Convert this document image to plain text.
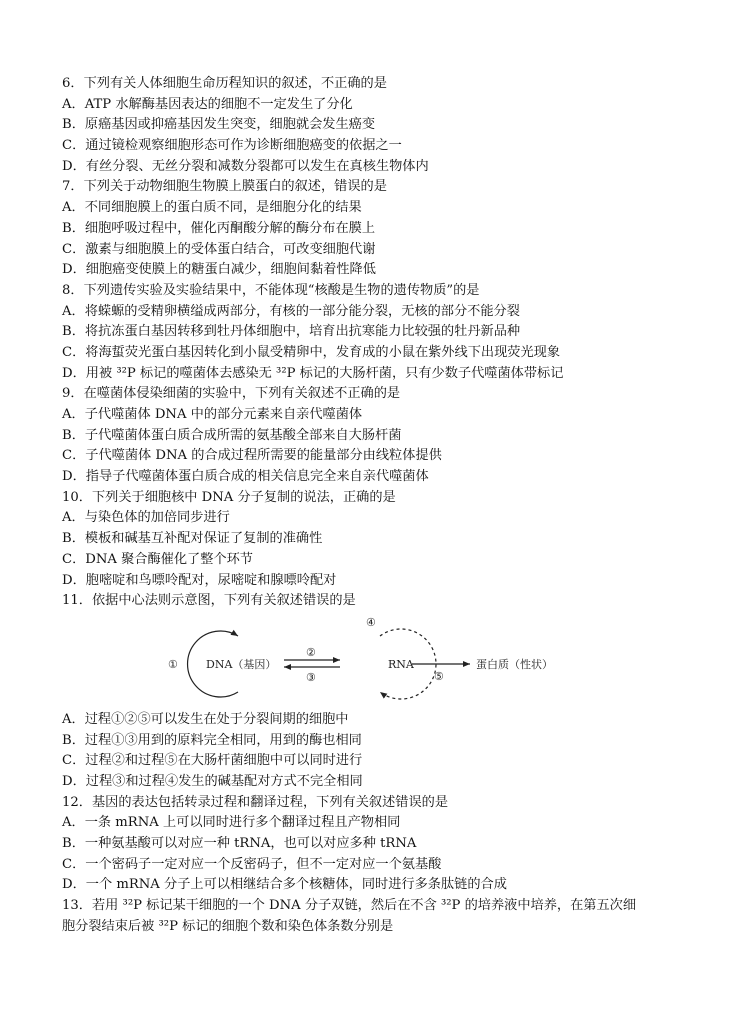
6．下列有关人体细胞生命历程知识的叙述，不正确的是
A．ATP 水解酶基因表达的细胞不一定发生了分化
B．原癌基因或抑癌基因发生突变，细胞就会发生癌变
C．通过镜检观察细胞形态可作为诊断细胞癌变的依据之一
D．有丝分裂、无丝分裂和减数分裂都可以发生在真核生物体内
7．下列关于动物细胞生物膜上膜蛋白的叙述，错误的是
A．不同细胞膜上的蛋白质不同，是细胞分化的结果
B．细胞呼吸过程中，催化丙酮酸分解的酶分布在膜上
C．激素与细胞膜上的受体蛋白结合，可改变细胞代谢
D．细胞癌变使膜上的糖蛋白减少，细胞间黏着性降低
8．下列遗传实验及实验结果中，不能体现“核酸是生物的遗传物质”的是
A．将蝾螈的受精卵横缢成两部分，有核的一部分能分裂，无核的部分不能分裂
B．将抗冻蛋白基因转移到牡丹体细胞中，培育出抗寒能力比较强的牡丹新品种
C．将海蜇荧光蛋白基因转化到小鼠受精卵中，发育成的小鼠在紫外线下出现荧光现象
D．用被 ³²P 标记的噬菌体去感染无 ³²P 标记的大肠杆菌，只有少数子代噬菌体带标记
9．在噬菌体侵染细菌的实验中，下列有关叙述不正确的是
A．子代噬菌体 DNA 中的部分元素来自亲代噬菌体
B．子代噬菌体蛋白质合成所需的氨基酸全部来自大肠杆菌
C．子代噬菌体 DNA 的合成过程所需要的能量部分由线粒体提供
D．指导子代噬菌体蛋白质合成的相关信息完全来自亲代噬菌体
10．下列关于细胞核中 DNA 分子复制的说法，正确的是
A．与染色体的加倍同步进行
B．模板和碱基互补配对保证了复制的准确性
C．DNA 聚合酶催化了整个环节
D．胞嘧啶和鸟嘌呤配对，尿嘧啶和腺嘌呤配对
11．依据中心法则示意图，下列有关叙述错误的是
①	DNA（基因）
②
③
④
RNA
⑤
蛋白质（性状）
A．过程①②⑤可以发生在处于分裂间期的细胞中
B．过程①③用到的原料完全相同，用到的酶也相同
C．过程②和过程⑤在大肠杆菌细胞中可以同时进行
D．过程③和过程④发生的碱基配对方式不完全相同
12．基因的表达包括转录过程和翻译过程，下列有关叙述错误的是
A．一条 mRNA 上可以同时进行多个翻译过程且产物相同
B．一种氨基酸可以对应一种 tRNA，也可以对应多种 tRNA
C．一个密码子一定对应一个反密码子，但不一定对应一个氨基酸
D．一个 mRNA 分子上可以相继结合多个核糖体，同时进行多条肽链的合成
13．若用 ³²P 标记某干细胞的一个 DNA 分子双链，然后在不含 ³²P 的培养液中培养，在第五次细
胞分裂结束后被 ³²P 标记的细胞个数和染色体条数分别是
